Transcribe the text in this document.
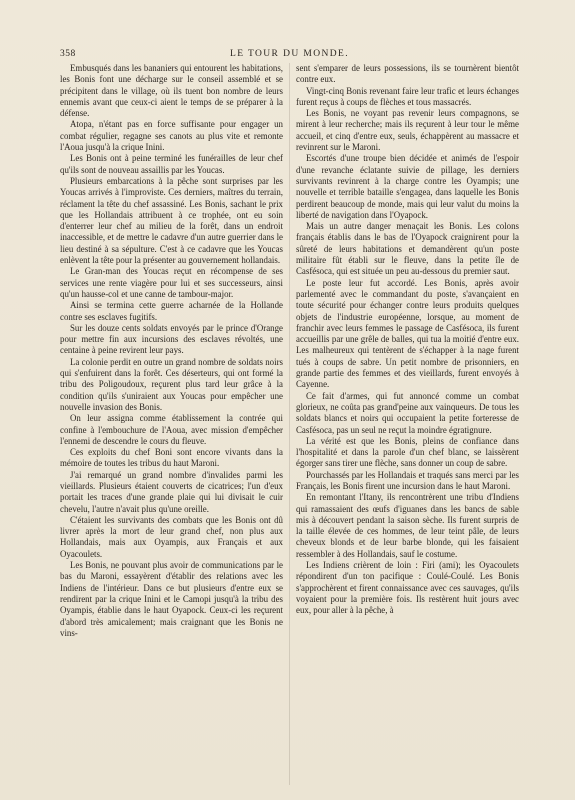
358	LE TOUR DU MONDE.

Embusqués dans les bananiers qui entourent les habitations, les Bonis font une décharge sur le conseil assemblé et se précipitent dans le village, où ils tuent bon nombre de leurs ennemis avant que ceux-ci aient le temps de se préparer à la défense.

Atopa, n'étant pas en force suffisante pour engager un combat régulier, regagne ses canots au plus vite et remonte l'Aoua jusqu'à la crique Inini.

Les Bonis ont à peine terminé les funérailles de leur chef qu'ils sont de nouveau assaillis par les Youcas.

Plusieurs embarcations à la pêche sont surprises par les Youcas arrivés à l'improviste. Ces derniers, maîtres du terrain, réclament la tête du chef assassiné. Les Bonis, sachant le prix que les Hollandais attribuent à ce trophée, ont eu soin d'enterrer leur chef au milieu de la forêt, dans un endroit inaccessible, et de mettre le cadavre d'un autre guerrier dans le lieu destiné à sa sépulture. C'est à ce cadavre que les Youcas enlèvent la tête pour la présenter au gouvernement hollandais.

Le Gran-man des Youcas reçut en récompense de ses services une rente viagère pour lui et ses successeurs, ainsi qu'un hausse-col et une canne de tambour-major.

Ainsi se termina cette guerre acharnée de la Hollande contre ses esclaves fugitifs.

Sur les douze cents soldats envoyés par le prince d'Orange pour mettre fin aux incursions des esclaves révoltés, une centaine à peine revirent leur pays.

La colonie perdit en outre un grand nombre de soldats noirs qui s'enfuirent dans la forêt. Ces déserteurs, qui ont formé la tribu des Poligoudoux, reçurent plus tard leur grâce à la condition qu'ils s'uniraient aux Youcas pour empêcher une nouvelle invasion des Bonis.

On leur assigna comme établissement la contrée qui confine à l'embouchure de l'Aoua, avec mission d'empêcher l'ennemi de descendre le cours du fleuve.

Ces exploits du chef Boni sont encore vivants dans la mémoire de toutes les tribus du haut Maroni.

J'ai remarqué un grand nombre d'invalides parmi les vieillards. Plusieurs étaient couverts de cicatrices; l'un d'eux portait les traces d'une grande plaie qui lui divisait le cuir chevelu, l'autre n'avait plus qu'une oreille.

C'étaient les survivants des combats que les Bonis ont dû livrer après la mort de leur grand chef, non plus aux Hollandais, mais aux Oyampis, aux Français et aux Oyacoulets.

Les Bonis, ne pouvant plus avoir de communications par le bas du Maroni, essayèrent d'établir des relations avec les Indiens de l'intérieur. Dans ce but plusieurs d'entre eux se rendirent par la crique Inini et le Camopi jusqu'à la tribu des Oyampis, établie dans le haut Oyapock. Ceux-ci les reçurent d'abord très amicalement; mais craignant que les Bonis ne vins-

sent s'emparer de leurs possessions, ils se tournèrent bientôt contre eux.

Vingt-cinq Bonis revenant faire leur trafic et leurs échanges furent reçus à coups de flèches et tous massacrés.

Les Bonis, ne voyant pas revenir leurs compagnons, se mirent à leur recherche; mais ils reçurent à leur tour le même accueil, et cinq d'entre eux, seuls, échappèrent au massacre et revinrent sur le Maroni.

Escortés d'une troupe bien décidée et animés de l'espoir d'une revanche éclatante suivie de pillage, les derniers survivants revinrent à la charge contre les Oyampis; une nouvelle et terrible bataille s'engagea, dans laquelle les Bonis perdirent beaucoup de monde, mais qui leur valut du moins la liberté de navigation dans l'Oyapock.

Mais un autre danger menaçait les Bonis. Les colons français établis dans le bas de l'Oyapock craignirent pour la sûreté de leurs habitations et demandèrent qu'un poste militaire fût établi sur le fleuve, dans la petite île de Casfésoca, qui est située un peu au-dessous du premier saut.

Le poste leur fut accordé. Les Bonis, après avoir parlementé avec le commandant du poste, s'avançaient en toute sécurité pour échanger contre leurs produits quelques objets de l'industrie européenne, lorsque, au moment de franchir avec leurs femmes le passage de Casfésoca, ils furent accueillis par une grêle de balles, qui tua la moitié d'entre eux. Les malheureux qui tentèrent de s'échapper à la nage furent tués à coups de sabre. Un petit nombre de prisonniers, en grande partie des femmes et des vieillards, furent envoyés à Cayenne.

Ce fait d'armes, qui fut annoncé comme un combat glorieux, ne coûta pas grand'peine aux vainqueurs. De tous les soldats blancs et noirs qui occupaient la petite forteresse de Casfésoca, pas un seul ne reçut la moindre égratignure.

La vérité est que les Bonis, pleins de confiance dans l'hospitalité et dans la parole d'un chef blanc, se laissèrent égorger sans tirer une flèche, sans donner un coup de sabre.

Pourchassés par les Hollandais et traqués sans merci par les Français, les Bonis firent une incursion dans le haut Maroni.

En remontant l'Itany, ils rencontrèrent une tribu d'Indiens qui ramassaient des œufs d'iguanes dans les bancs de sable mis à découvert pendant la saison sèche. Ils furent surpris de la taille élevée de ces hommes, de leur teint pâle, de leurs cheveux blonds et de leur barbe blonde, qui les faisaient ressembler à des Hollandais, sauf le costume.

Les Indiens crièrent de loin : Firi (ami); les Oyacoulets répondirent d'un ton pacifique : Coulé-Coulé. Les Bonis s'approchèrent et firent connaissance avec ces sauvages, qu'ils voyaient pour la première fois. Ils restèrent huit jours avec eux, pour aller à la pêche, à
